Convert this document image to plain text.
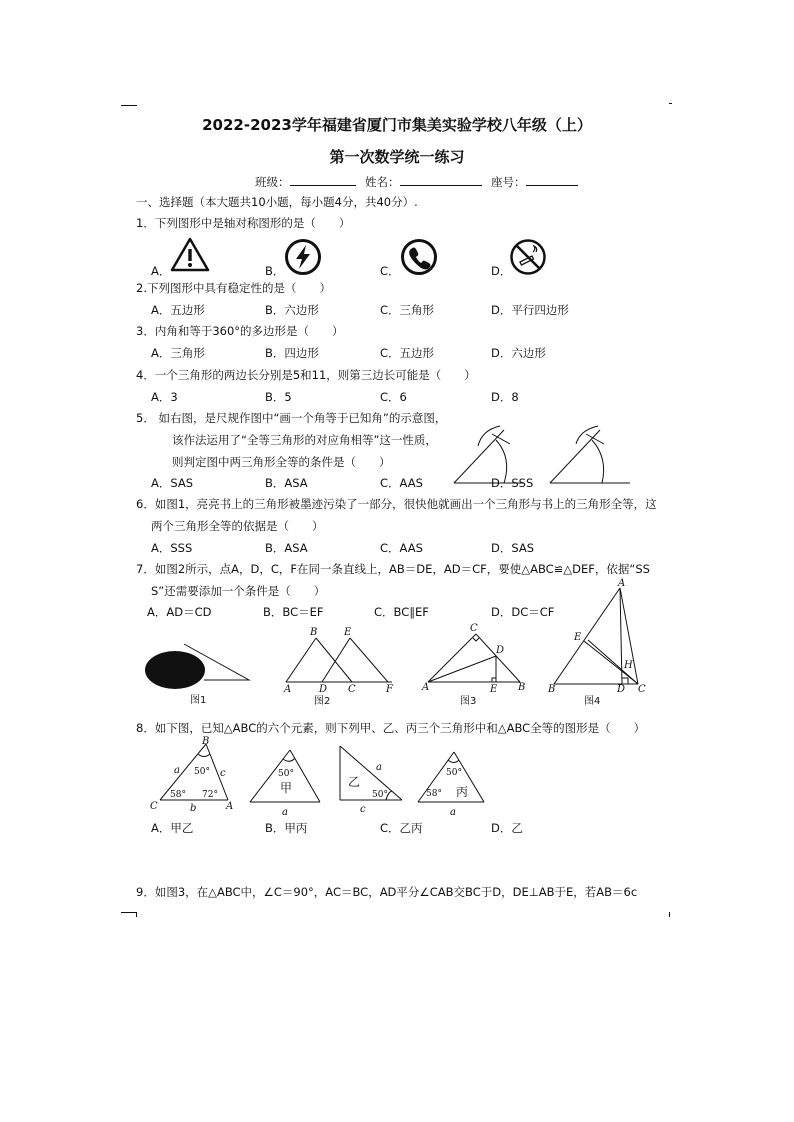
2022-2023学年福建省厦门市集美实验学校八年级（上）
第一次数学统一练习
班级：	姓名：	座号：
一、选择题（本大题共10小题，每小题4分，共40分）.
1．下列图形中是轴对称图形的是（　　）
A．	B．	C．	D．
2.下列图形中具有稳定性的是（　　）
A．五边形	B．六边形	C．三角形	D．平行四边形
3．内角和等于360°的多边形是（　　）
A．三角形	B．四边形	C．五边形	D．六边形
4．一个三角形的两边长分别是5和11，则第三边长可能是（　　）
A．3	B．5	C．6	D．8
5． 如右图，是尺规作图中“画一个角等于已知角”的示意图，
该作法运用了“全等三角形的对应角相等”这一性质，
则判定图中两三角形全等的条件是（　　）
A．SAS	B．ASA	C．AAS	D．SSS
6．如图1，亮亮书上的三角形被墨迹污染了一部分，很快他就画出一个三角形与书上的三角形全等，这
两个三角形全等的依据是（　　）
A．SSS	B．ASA	C．AAS	D．SAS
7．如图2所示，点A，D，C，F在同一条直线上，AB＝DE，AD＝CF，要使△ABC≌△DEF，依据“SS
S”还需要添加一个条件是（　　）
A．AD＝CD	B．BC＝EF	C．BC∥EF	D．DC＝CF
图1
B	E
A	D C	F
图2
C
D
A	E B
图3
A
E
H
B	D C
图4
8．如下图，已知△ABC的六个元素，则下列甲、乙、丙三个三角形中和△ABC全等的图形是（　　）
B
C	A
a	c
b
50°
58° 72°
50°
甲
a
乙
a
c
50°
50°
58° 丙
a
A．甲乙	B．甲丙	C．乙丙	D．乙
9．如图3，在△ABC中，∠C＝90°，AC＝BC，AD平分∠CAB交BC于D，DE⊥AB于E，若AB＝6c
